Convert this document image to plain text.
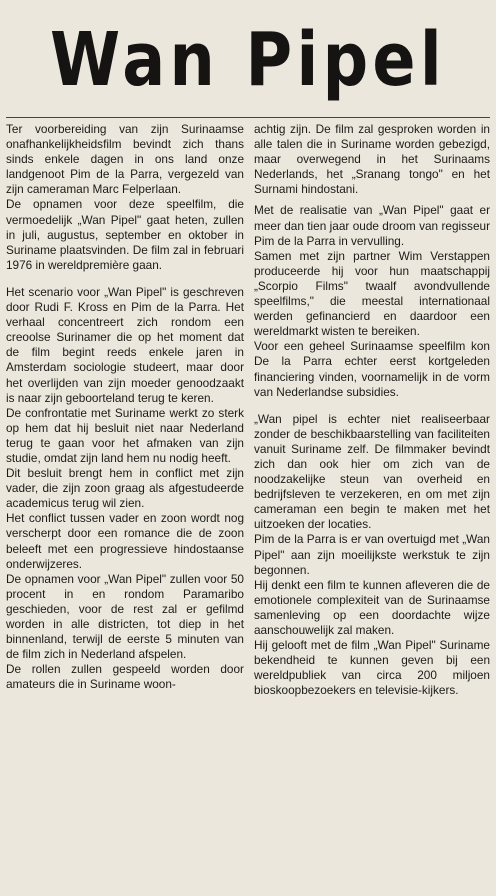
Wan Pipel

Ter voorbereiding van zijn Surinaamse onafhankelijkheidsfilm bevindt zich thans sinds enkele dagen in ons land onze landgenoot Pim de la Parra, vergezeld van zijn cameraman Marc Felperlaan.

De opnamen voor deze speelfilm, die vermoedelijk „Wan Pipel" gaat heten, zullen in juli, augustus, september en oktober in Suriname plaatsvinden. De film zal in februari 1976 in wereldpremière gaan.

Het scenario voor „Wan Pipel" is geschreven door Rudi F. Kross en Pim de la Parra. Het verhaal concentreert zich rondom een creoolse Surinamer die op het moment dat de film begint reeds enkele jaren in Amsterdam sociologie studeert, maar door het overlijden van zijn moeder genoodzaakt is naar zijn geboorteland terug te keren.

De confrontatie met Suriname werkt zo sterk op hem dat hij besluit niet naar Nederland terug te gaan voor het afmaken van zijn studie, omdat zijn land hem nu nodig heeft.

Dit besluit brengt hem in conflict met zijn vader, die zijn zoon graag als afgestudeerde academicus terug wil zien.

Het conflict tussen vader en zoon wordt nog verscherpt door een romance die de zoon beleeft met een progressieve hindostaanse onderwijzeres.

De opnamen voor „Wan Pipel" zullen voor 50 procent in en rondom Paramaribo geschieden, voor de rest zal er gefilmd worden in alle districten, tot diep in het binnenland, terwijl de eerste 5 minuten van de film zich in Nederland afspelen.

De rollen zullen gespeeld worden door amateurs die in Suriname woon-

achtig zijn. De film zal gesproken worden in alle talen die in Suriname worden gebezigd, maar overwegend in het Surinaams Nederlands, het „Sranang tongo" en het Surnami hindostani.

Met de realisatie van „Wan Pipel" gaat er meer dan tien jaar oude droom van regisseur Pim de la Parra in vervulling.

Samen met zijn partner Wim Verstappen produceerde hij voor hun maatschappij „Scorpio Films" twaalf avondvullende speelfilms," die meestal internationaal werden gefinancierd en daardoor een wereldmarkt wisten te bereiken.

Voor een geheel Surinaamse speelfilm kon De la Parra echter eerst kortgeleden financiering vinden, voornamelijk in de vorm van Nederlandse subsidies.

„Wan pipel is echter niet realiseerbaar zonder de beschikbaarstelling van faciliteiten vanuit Suriname zelf. De filmmaker bevindt zich dan ook hier om zich van de noodzakelijke steun van overheid en bedrijfsleven te verzekeren, en om met zijn cameraman een begin te maken met het uitzoeken der locaties.

Pim de la Parra is er van overtuigd met „Wan Pipel" aan zijn moeilijkste werkstuk te zijn begonnen.

Hij denkt een film te kunnen afleveren die de emotionele complexiteit van de Surinaamse samenleving op een doordachte wijze aanschouwelijk zal maken.

Hij gelooft met de film „Wan Pipel" Suriname bekendheid te kunnen geven bij een wereldpubliek van circa 200 miljoen bioskoopbezoekers en televisie-kijkers.
